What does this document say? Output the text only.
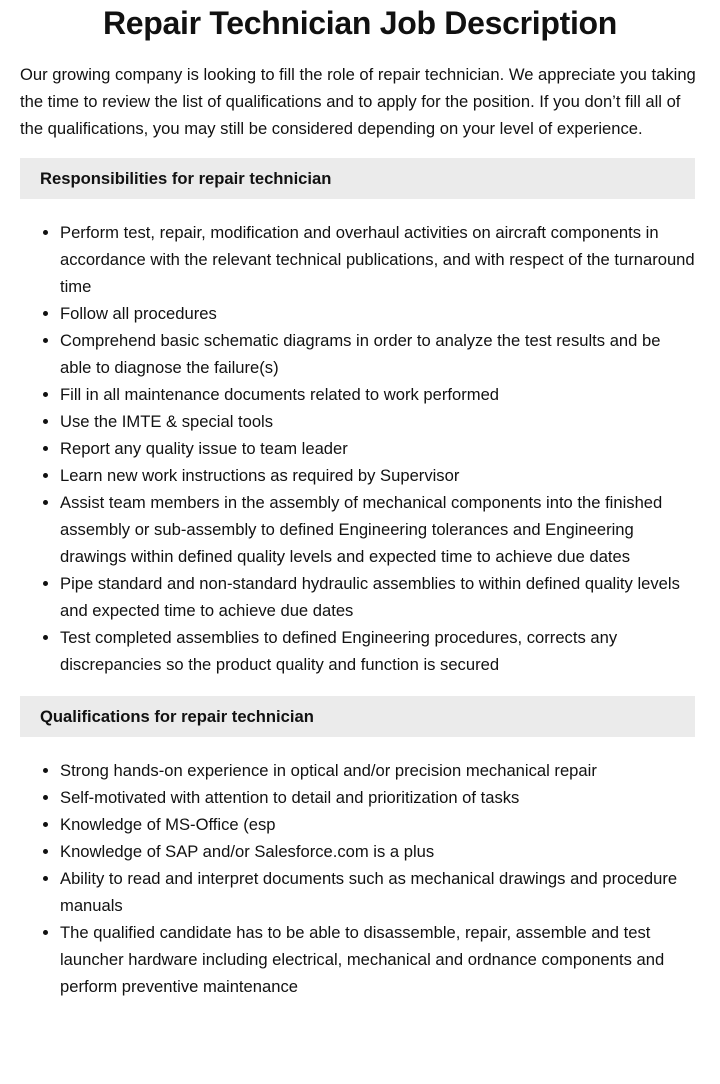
Repair Technician Job Description

Our growing company is looking to fill the role of repair technician. We appreciate you taking the time to review the list of qualifications and to apply for the position. If you don’t fill all of the qualifications, you may still be considered depending on your level of experience.

Responsibilities for repair technician
• Perform test, repair, modification and overhaul activities on aircraft components in accordance with the relevant technical publications, and with respect of the turnaround time
• Follow all procedures
• Comprehend basic schematic diagrams in order to analyze the test results and be able to diagnose the failure(s)
• Fill in all maintenance documents related to work performed
• Use the IMTE & special tools
• Report any quality issue to team leader
• Learn new work instructions as required by Supervisor
• Assist team members in the assembly of mechanical components into the finished assembly or sub-assembly to defined Engineering tolerances and Engineering drawings within defined quality levels and expected time to achieve due dates
• Pipe standard and non-standard hydraulic assemblies to within defined quality levels and expected time to achieve due dates
• Test completed assemblies to defined Engineering procedures, corrects any discrepancies so the product quality and function is secured
Qualifications for repair technician
• Strong hands-on experience in optical and/or precision mechanical repair
• Self-motivated with attention to detail and prioritization of tasks
• Knowledge of MS-Office (esp
• Knowledge of SAP and/or Salesforce.com is a plus
• Ability to read and interpret documents such as mechanical drawings and procedure manuals
• The qualified candidate has to be able to disassemble, repair, assemble and test launcher hardware including electrical, mechanical and ordnance components and perform preventive maintenance
